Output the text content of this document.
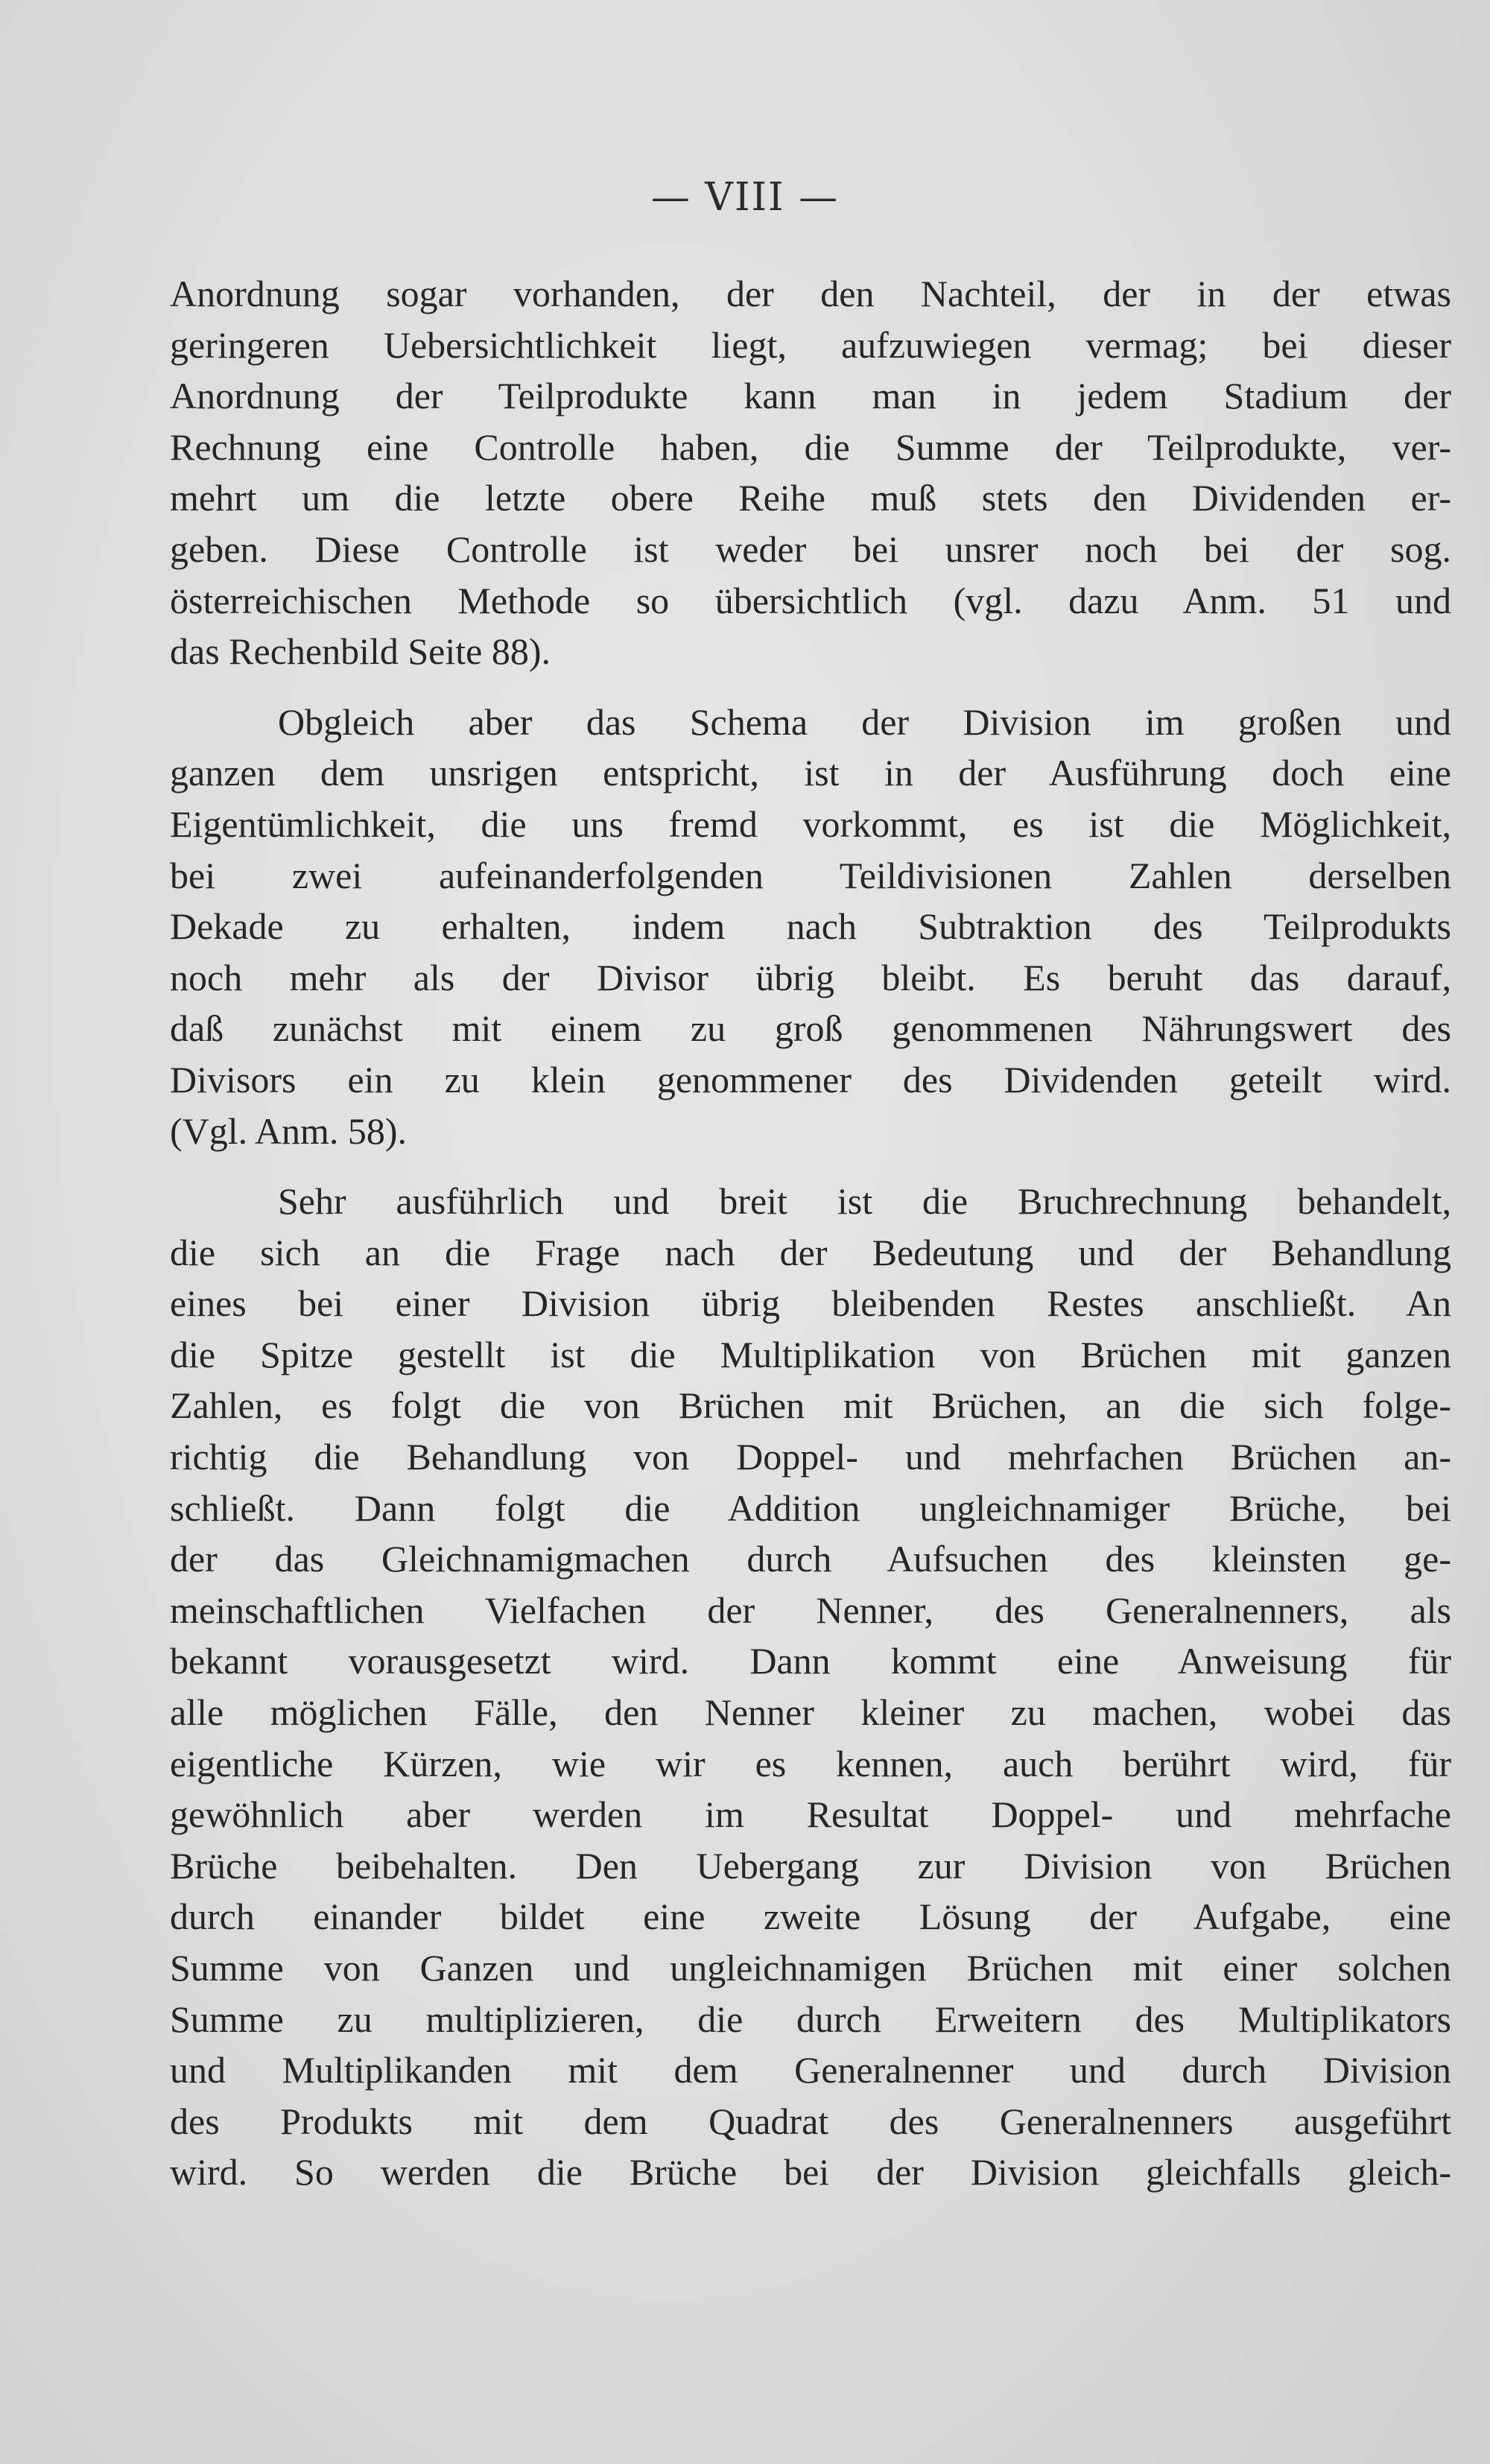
— VIII —
Anordnung sogar vorhanden, der den Nachteil, der in der etwas
geringeren Uebersichtlichkeit liegt, aufzuwiegen vermag; bei dieser
Anordnung der Teilprodukte kann man in jedem Stadium der
Rechnung eine Controlle haben, die Summe der Teilprodukte, ver-
mehrt um die letzte obere Reihe muß stets den Dividenden er-
geben. Diese Controlle ist weder bei unsrer noch bei der sog.
österreichischen Methode so übersichtlich (vgl. dazu Anm. 51 und
das Rechenbild Seite 88).
Obgleich aber das Schema der Division im großen und
ganzen dem unsrigen entspricht, ist in der Ausführung doch eine
Eigentümlichkeit, die uns fremd vorkommt, es ist die Möglichkeit,
bei zwei aufeinanderfolgenden Teildivisionen Zahlen derselben
Dekade zu erhalten, indem nach Subtraktion des Teilprodukts
noch mehr als der Divisor übrig bleibt. Es beruht das darauf,
daß zunächst mit einem zu groß genommenen Nährungswert des
Divisors ein zu klein genommener des Dividenden geteilt wird.
(Vgl. Anm. 58).
Sehr ausführlich und breit ist die Bruchrechnung behandelt,
die sich an die Frage nach der Bedeutung und der Behandlung
eines bei einer Division übrig bleibenden Restes anschließt. An
die Spitze gestellt ist die Multiplikation von Brüchen mit ganzen
Zahlen, es folgt die von Brüchen mit Brüchen, an die sich folge-
richtig die Behandlung von Doppel- und mehrfachen Brüchen an-
schließt. Dann folgt die Addition ungleichnamiger Brüche, bei
der das Gleichnamigmachen durch Aufsuchen des kleinsten ge-
meinschaftlichen Vielfachen der Nenner, des Generalnenners, als
bekannt vorausgesetzt wird. Dann kommt eine Anweisung für
alle möglichen Fälle, den Nenner kleiner zu machen, wobei das
eigentliche Kürzen, wie wir es kennen, auch berührt wird, für
gewöhnlich aber werden im Resultat Doppel- und mehrfache
Brüche beibehalten. Den Uebergang zur Division von Brüchen
durch einander bildet eine zweite Lösung der Aufgabe, eine
Summe von Ganzen und ungleichnamigen Brüchen mit einer solchen
Summe zu multiplizieren, die durch Erweitern des Multiplikators
und Multiplikanden mit dem Generalnenner und durch Division
des Produkts mit dem Quadrat des Generalnenners ausgeführt
wird. So werden die Brüche bei der Division gleichfalls gleich-
